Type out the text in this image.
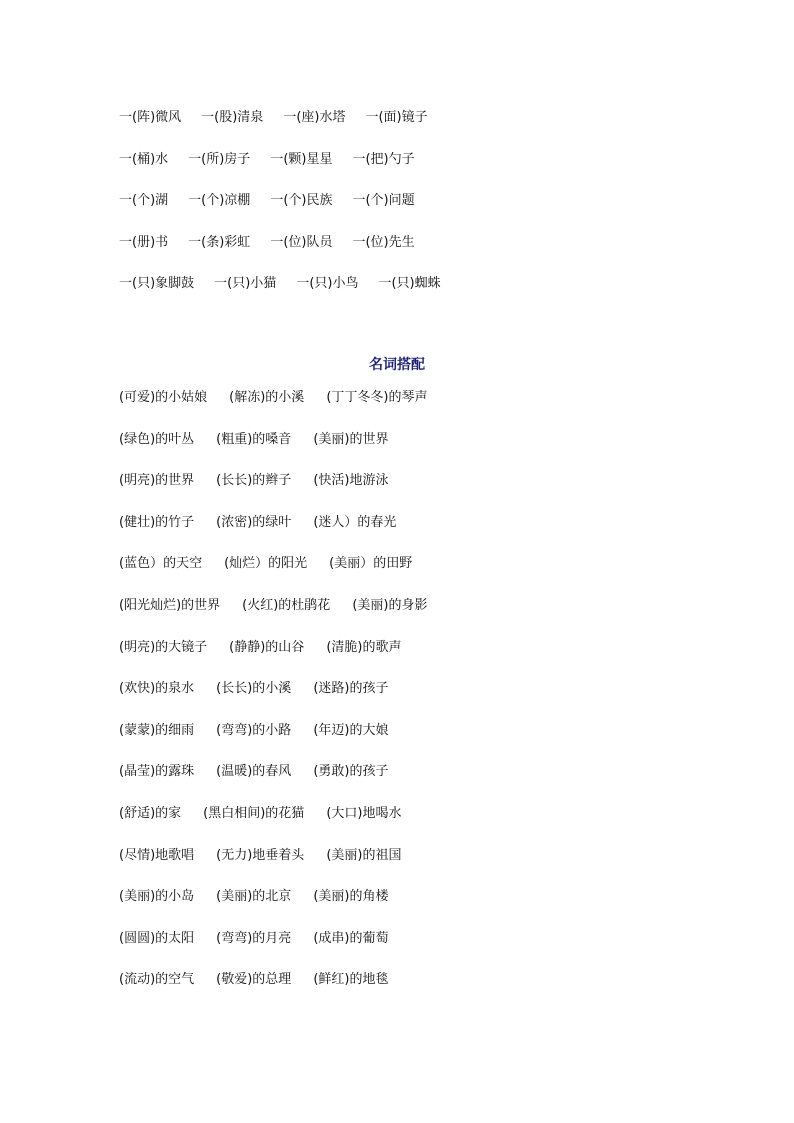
一(阵)微风 一(股)清泉 一(座)水塔 一(面)镜子
一(桶)水 一(所)房子 一(颗)星星 一(把)勺子
一(个)湖 一(个)凉棚 一(个)民族 一(个)问题
一(册)书 一(条)彩虹 一(位)队员 一(位)先生
一(只)象脚鼓 一(只)小猫 一(只)小鸟 一(只)蜘蛛
名词搭配
(可爱)的小姑娘 (解冻)的小溪 (丁丁冬冬)的琴声
(绿色)的叶丛 (粗重)的嗓音 (美丽)的世界
(明亮)的世界 (长长)的辫子 (快活)地游泳
(健壮)的竹子 (浓密)的绿叶 (迷人）的春光
(蓝色）的天空 (灿烂）的阳光 (美丽）的田野
(阳光灿烂)的世界 (火红)的杜鹃花 (美丽)的身影
(明亮)的大镜子 (静静)的山谷 (清脆)的歌声
(欢快)的泉水 (长长)的小溪 (迷路)的孩子
(蒙蒙)的细雨 (弯弯)的小路 (年迈)的大娘
(晶莹)的露珠 (温暖)的春风 (勇敢)的孩子
(舒适)的家 (黑白相间)的花猫 (大口)地喝水
(尽情)地歌唱 (无力)地垂着头 (美丽)的祖国
(美丽)的小岛 (美丽)的北京 (美丽)的角楼
(圆圆)的太阳 (弯弯)的月亮 (成串)的葡萄
(流动)的空气 (敬爱)的总理 (鲜红)的地毯
